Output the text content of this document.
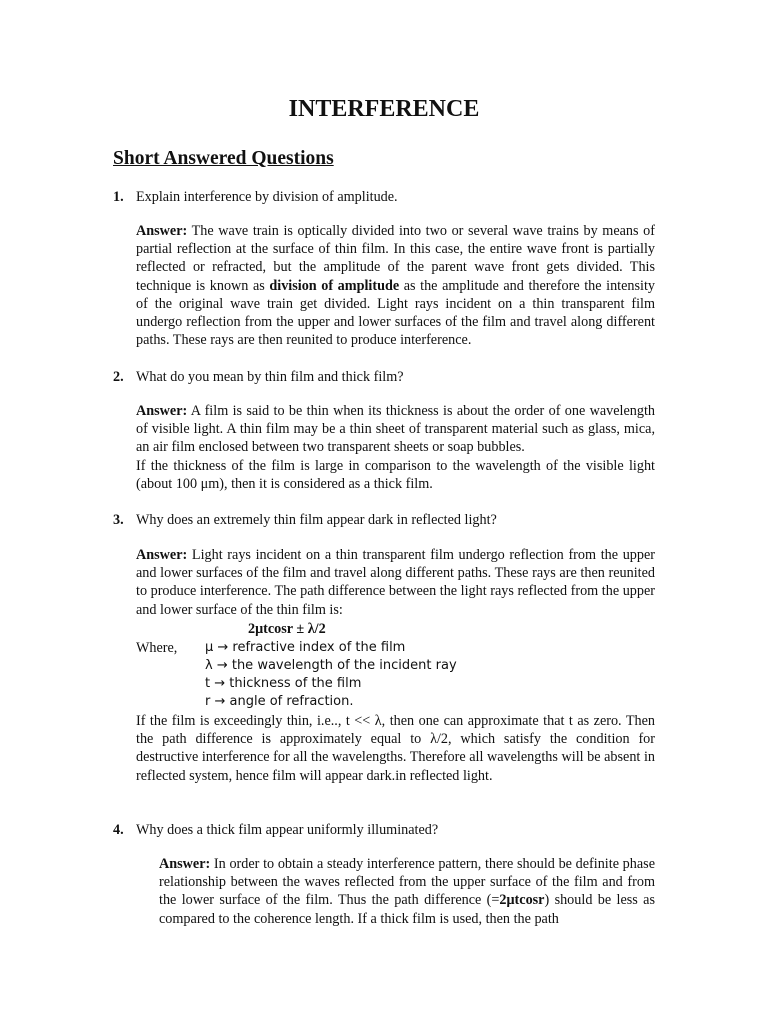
INTERFERENCE
Short Answered Questions
1. Explain interference by division of amplitude.
Answer: The wave train is optically divided into two or several wave trains by means of partial reflection at the surface of thin film. In this case, the entire wave front is partially reflected or refracted, but the amplitude of the parent wave front gets divided. This technique is known as division of amplitude as the amplitude and therefore the intensity of the original wave train get divided. Light rays incident on a thin transparent film undergo reflection from the upper and lower surfaces of the film and travel along different paths. These rays are then reunited to produce interference.
2. What do you mean by thin film and thick film?
Answer: A film is said to be thin when its thickness is about the order of one wavelength of visible light. A thin film may be a thin sheet of transparent material such as glass, mica, an air film enclosed between two transparent sheets or soap bubbles.
If the thickness of the film is large in comparison to the wavelength of the visible light (about 100 μm), then it is considered as a thick film.
3. Why does an extremely thin film appear dark in reflected light?
Answer: Light rays incident on a thin transparent film undergo reflection from the upper and lower surfaces of the film and travel along different paths. These rays are then reunited to produce interference. The path difference between the light rays reflected from the upper and lower surface of the thin film is:
2μtcosr ± λ/2
Where, μ → refractive index of the film
λ → the wavelength of the incident ray
t → thickness of the film
r → angle of refraction.
If the film is exceedingly thin, i.e.., t << λ, then one can approximate that t as zero. Then the path difference is approximately equal to λ/2, which satisfy the condition for destructive interference for all the wavelengths. Therefore all wavelengths will be absent in reflected system, hence film will appear dark.in reflected light.
4. Why does a thick film appear uniformly illuminated?
Answer: In order to obtain a steady interference pattern, there should be definite phase relationship between the waves reflected from the upper surface of the film and from the lower surface of the film. Thus the path difference (=2μtcosr) should be less as compared to the coherence length. If a thick film is used, then the path
